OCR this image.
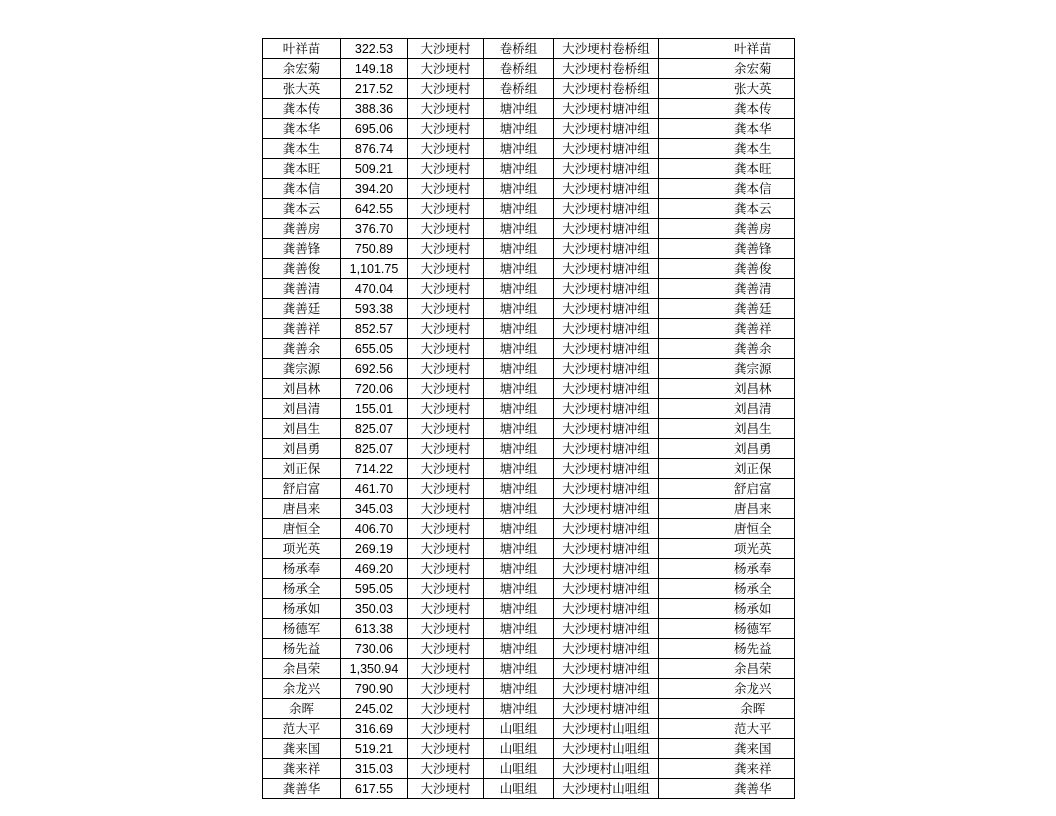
叶祥苗	322.53	大沙埂村	卷桥组	大沙埂村卷桥组		叶祥苗
余宏菊	149.18	大沙埂村	卷桥组	大沙埂村卷桥组		余宏菊
张大英	217.52	大沙埂村	卷桥组	大沙埂村卷桥组		张大英
龚本传	388.36	大沙埂村	塘冲组	大沙埂村塘冲组		龚本传
龚本华	695.06	大沙埂村	塘冲组	大沙埂村塘冲组		龚本华
龚本生	876.74	大沙埂村	塘冲组	大沙埂村塘冲组		龚本生
龚本旺	509.21	大沙埂村	塘冲组	大沙埂村塘冲组		龚本旺
龚本信	394.20	大沙埂村	塘冲组	大沙埂村塘冲组		龚本信
龚本云	642.55	大沙埂村	塘冲组	大沙埂村塘冲组		龚本云
龚善房	376.70	大沙埂村	塘冲组	大沙埂村塘冲组		龚善房
龚善锋	750.89	大沙埂村	塘冲组	大沙埂村塘冲组		龚善锋
龚善俊	1,101.75	大沙埂村	塘冲组	大沙埂村塘冲组		龚善俊
龚善清	470.04	大沙埂村	塘冲组	大沙埂村塘冲组		龚善清
龚善廷	593.38	大沙埂村	塘冲组	大沙埂村塘冲组		龚善廷
龚善祥	852.57	大沙埂村	塘冲组	大沙埂村塘冲组		龚善祥
龚善余	655.05	大沙埂村	塘冲组	大沙埂村塘冲组		龚善余
龚宗源	692.56	大沙埂村	塘冲组	大沙埂村塘冲组		龚宗源
刘昌林	720.06	大沙埂村	塘冲组	大沙埂村塘冲组		刘昌林
刘昌清	155.01	大沙埂村	塘冲组	大沙埂村塘冲组		刘昌清
刘昌生	825.07	大沙埂村	塘冲组	大沙埂村塘冲组		刘昌生
刘昌勇	825.07	大沙埂村	塘冲组	大沙埂村塘冲组		刘昌勇
刘正保	714.22	大沙埂村	塘冲组	大沙埂村塘冲组		刘正保
舒启富	461.70	大沙埂村	塘冲组	大沙埂村塘冲组		舒启富
唐昌来	345.03	大沙埂村	塘冲组	大沙埂村塘冲组		唐昌来
唐恒全	406.70	大沙埂村	塘冲组	大沙埂村塘冲组		唐恒全
项光英	269.19	大沙埂村	塘冲组	大沙埂村塘冲组		项光英
杨承奉	469.20	大沙埂村	塘冲组	大沙埂村塘冲组		杨承奉
杨承全	595.05	大沙埂村	塘冲组	大沙埂村塘冲组		杨承全
杨承如	350.03	大沙埂村	塘冲组	大沙埂村塘冲组		杨承如
杨德军	613.38	大沙埂村	塘冲组	大沙埂村塘冲组		杨德军
杨先益	730.06	大沙埂村	塘冲组	大沙埂村塘冲组		杨先益
余昌荣	1,350.94	大沙埂村	塘冲组	大沙埂村塘冲组		余昌荣
余龙兴	790.90	大沙埂村	塘冲组	大沙埂村塘冲组		余龙兴
余晖	245.02	大沙埂村	塘冲组	大沙埂村塘冲组		余晖
范大平	316.69	大沙埂村	山咀组	大沙埂村山咀组		范大平
龚来国	519.21	大沙埂村	山咀组	大沙埂村山咀组		龚来国
龚来祥	315.03	大沙埂村	山咀组	大沙埂村山咀组		龚来祥
龚善华	617.55	大沙埂村	山咀组	大沙埂村山咀组		龚善华
